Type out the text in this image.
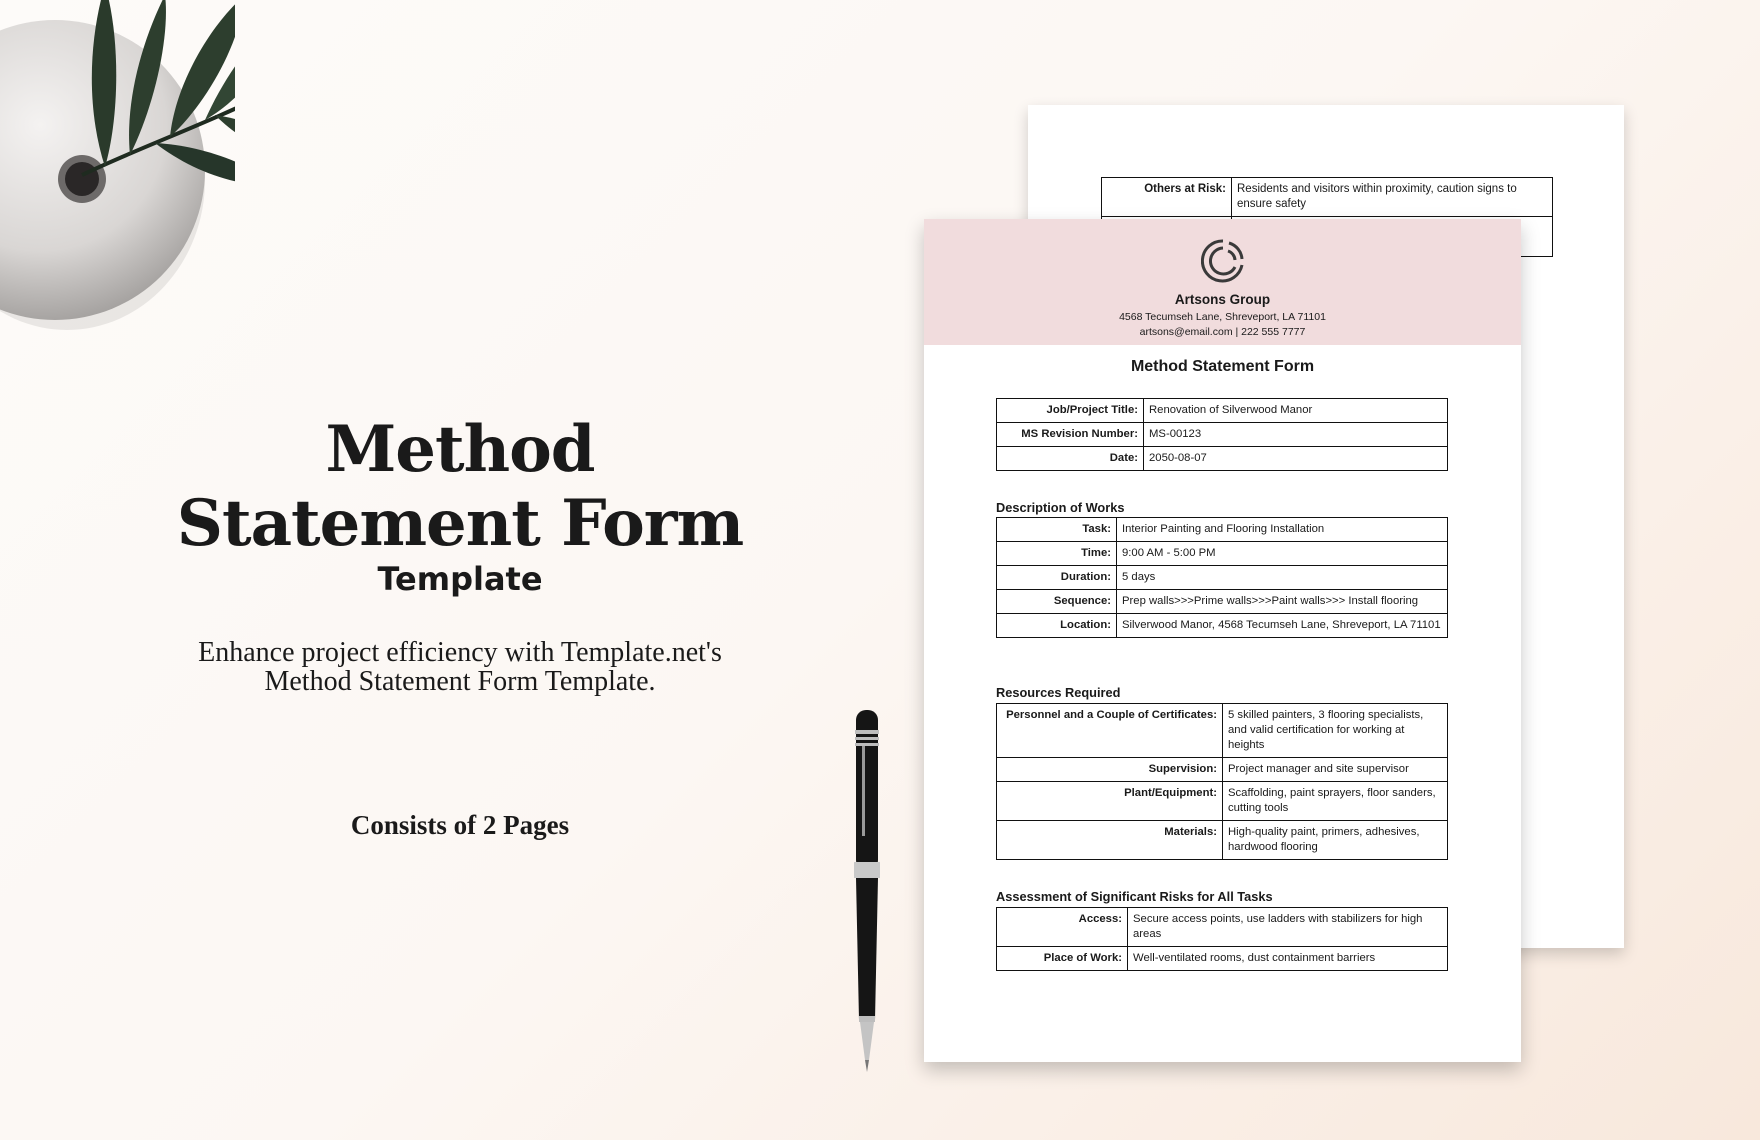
Method
Statement Form
Template
Enhance project efficiency with Template.net's
Method Statement Form Template.
Consists of 2 Pages
Others at Risk:	Residents and visitors within proximity, caution signs to ensure safety

Artsons Group
4568 Tecumseh Lane, Shreveport, LA 71101
artsons@email.com | 222 555 7777
Method Statement Form
Job/Project Title:	Renovation of Silverwood Manor
MS Revision Number:	MS-00123
Date:	2050-08-07
Description of Works
Task:	Interior Painting and Flooring Installation
Time:	9:00 AM - 5:00 PM
Duration:	5 days
Sequence:	Prep walls>>>Prime walls>>>Paint walls>>> Install flooring
Location:	Silverwood Manor, 4568 Tecumseh Lane, Shreveport, LA 71101
Resources Required
Personnel and a Couple of Certificates:	5 skilled painters, 3 flooring specialists, and valid certification for working at heights
Supervision:	Project manager and site supervisor
Plant/Equipment:	Scaffolding, paint sprayers, floor sanders, cutting tools
Materials:	High-quality paint, primers, adhesives, hardwood flooring
Assessment of Significant Risks for All Tasks
Access:	Secure access points, use ladders with stabilizers for high areas
Place of Work:	Well-ventilated rooms, dust containment barriers
